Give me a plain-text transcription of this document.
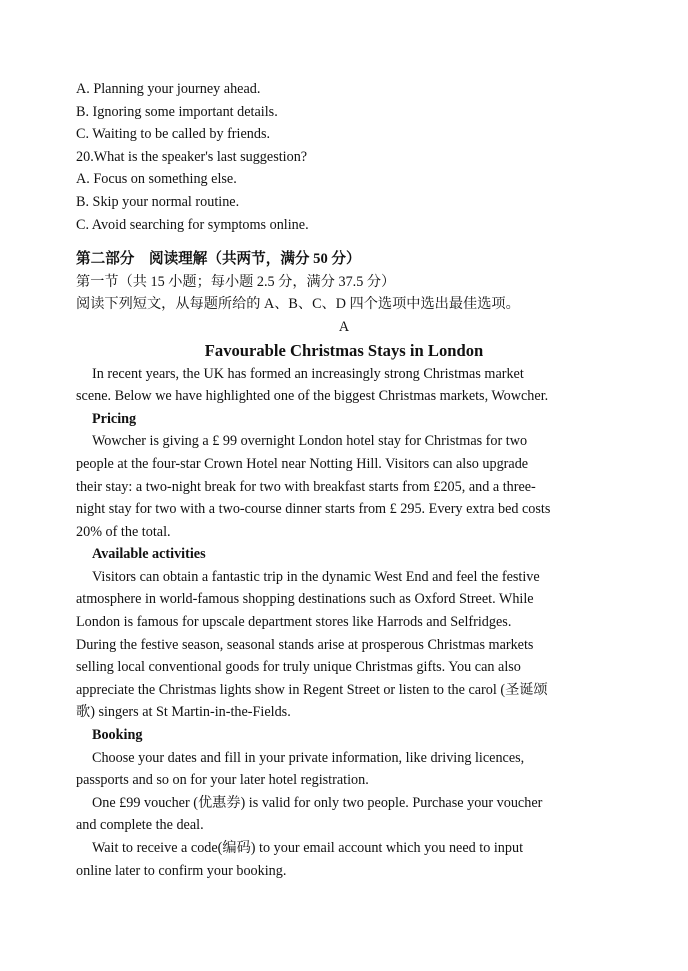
A. Planning your journey ahead.
B. Ignoring some important details.
C. Waiting to be called by friends.
20.What is the speaker's last suggestion?
A. Focus on something else.
B. Skip your normal routine.
C. Avoid searching for symptoms online.
第二部分　阅读理解（共两节，满分 50 分）
第一节（共 15 小题；每小题 2.5 分，满分 37.5 分）
阅读下列短文，从每题所给的 A、B、C、D 四个选项中选出最佳选项。
A
Favourable Christmas Stays in London
In recent years, the UK has formed an increasingly strong Christmas market
scene. Below we have highlighted one of the biggest Christmas markets, Wowcher.
Pricing
Wowcher is giving a £ 99 overnight London hotel stay for Christmas for two
people at the four-star Crown Hotel near Notting Hill. Visitors can also upgrade
their stay: a two-night break for two with breakfast starts from £205, and a three-
night stay for two with a two-course dinner starts from £ 295. Every extra bed costs
20% of the total.
Available activities
Visitors can obtain a fantastic trip in the dynamic West End and feel the festive
atmosphere in world-famous shopping destinations such as Oxford Street. While
London is famous for upscale department stores like Harrods and Selfridges.
During the festive season, seasonal stands arise at prosperous Christmas markets
selling local conventional goods for truly unique Christmas gifts. You can also
appreciate the Christmas lights show in Regent Street or listen to the carol (圣诞颂
歌) singers at St Martin-in-the-Fields.
Booking
Choose your dates and fill in your private information, like driving licences,
passports and so on for your later hotel registration.
One £99 voucher (优惠券) is valid for only two people. Purchase your voucher
and complete the deal.
Wait to receive a code(编码) to your email account which you need to input
online later to confirm your booking.
